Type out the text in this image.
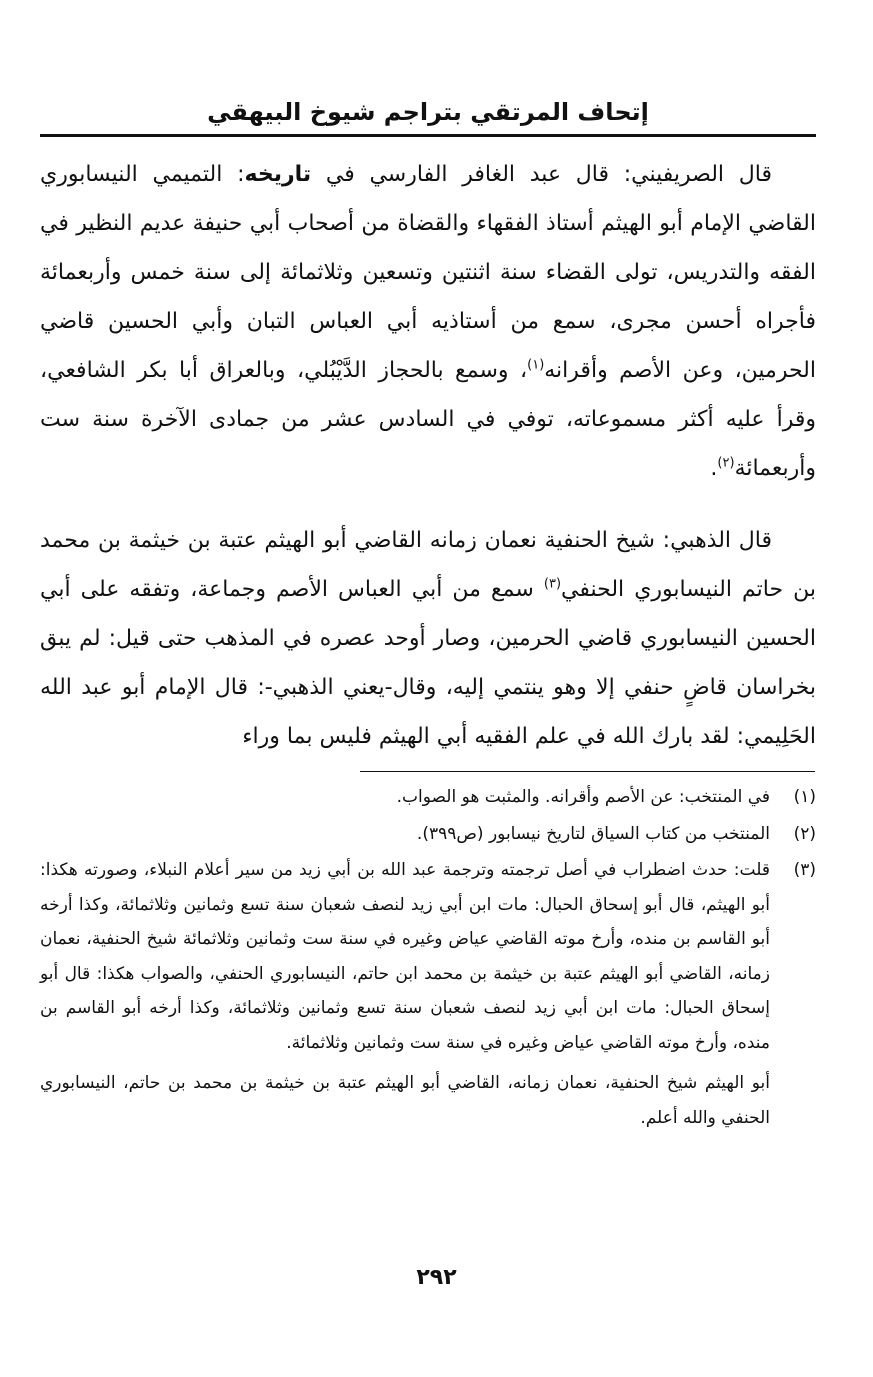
إتحاف المرتقي بتراجم شيوخ البيهقي

  قال الصريفيني: قال عبد الغافر الفارسي في تاريخه: التميمي النيسابوري القاضي الإمام أبو الهيثم أستاذ الفقهاء والقضاة من أصحاب أبي حنيفة عديم النظير في الفقه والتدريس، تولى القضاء سنة اثنتين وتسعين وثلاثمائة إلى سنة خمس وأربعمائة فأجراه أحسن مجرى، سمع من أستاذيه أبي العباس التبان وأبي الحسين قاضي الحرمين، وعن الأصم وأقرانه$^{(١)}$، وسمع بالحجاز الدَّيْبُلي، وبالعراق أبا بكر الشافعي، وقرأ عليه أكثر مسموعاته، توفي في السادس عشر من جمادى الآخرة سنة ست وأربعمائة$^{(٢)}$.

  قال الذهبي: شيخ الحنفية نعمان زمانه القاضي أبو الهيثم عتبة بن خيثمة بن محمد بن حاتم النيسابوري الحنفي$^{(٣)}$ سمع من أبي العباس الأصم وجماعة، وتفقه على أبي الحسين النيسابوري قاضي الحرمين، وصار أوحد عصره في المذهب حتى قيل: لم يبق بخراسان قاضٍ حنفي إلا وهو ينتمي إليه، وقال-يعني الذهبي-: قال الإمام أبو عبد الله الحَلِيمي: لقد بارك الله في علم الفقيه أبي الهيثم فليس بما وراء

(١)
في المنتخب: عن الأصم وأقرانه. والمثبت هو الصواب.
(٢)
المنتخب من كتاب السياق لتاريخ نيسابور (ص٣٩٩).
(٣)
قلت: حدث اضطراب في أصل ترجمته وترجمة عبد الله بن أبي زيد من سير أعلام النبلاء، وصورته هكذا: أبو الهيثم، قال أبو إسحاق الحبال: مات ابن أبي زيد لنصف شعبان سنة تسع وثمانين وثلاثمائة، وكذا أرخه أبو القاسم بن منده، وأرخ موته القاضي عياض وغيره في سنة ست وثمانين وثلاثمائة شيخ الحنفية، نعمان زمانه، القاضي أبو الهيثم عتبة بن خيثمة بن محمد ابن حاتم، النيسابوري الحنفي، والصواب هكذا: قال أبو إسحاق الحبال: مات ابن أبي زيد لنصف شعبان سنة تسع وثمانين وثلاثمائة، وكذا أرخه أبو القاسم بن منده، وأرخ موته القاضي عياض وغيره في سنة ست وثمانين وثلاثمائة.

أبو الهيثم شيخ الحنفية، نعمان زمانه، القاضي أبو الهيثم عتبة بن خيثمة بن محمد بن حاتم، النيسابوري الحنفي والله أعلم.

٢٩٢
